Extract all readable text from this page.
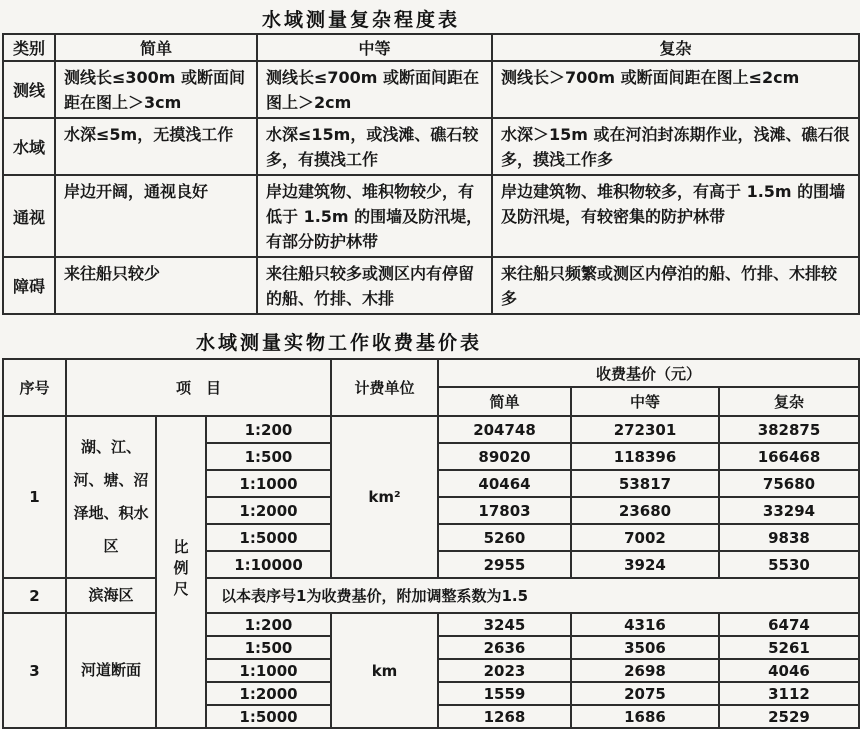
水域测量复杂程度表
类别	简单	中等	复杂
测线	测线长≤300m 或断面间距在图上＞3cm	测线长≤700m 或断面间距在图上＞2cm	测线长＞700m 或断面间距在图上≤2cm
水域	水深≤5m，无摸浅工作	水深≤15m，或浅滩、礁石较多，有摸浅工作	水深＞15m 或在河泊封冻期作业，浅滩、礁石很多，摸浅工作多
通视	岸边开阔，通视良好	岸边建筑物、堆积物较少，有低于 1.5m 的围墙及防汛堤，有部分防护林带	岸边建筑物、堆积物较多，有高于 1.5m 的围墙及防汛堤，有较密集的防护林带
障碍	来往船只较少	来往船只较多或测区内有停留的船、竹排、木排	来往船只频繁或测区内停泊的船、竹排、木排较多
水域测量实物工作收费基价表
序号	项　目			计费单位	收费基价（元）		
					简单	中等	复杂
1	湖、江、河、塘、沼泽地、积水区	比例尺	1:200	km²	204748	272301	382875
			1:500		89020	118396	166468
			1:1000		40464	53817	75680
			1:2000		17803	23680	33294
			1:5000		5260	7002	9838
			1:10000		2955	3924	5530
2	滨海区		以本表序号1为收费基价，附加调整系数为1.5				
3	河道断面		1:200	km	3245	4316	6474
			1:500		2636	3506	5261
			1:1000		2023	2698	4046
			1:2000		1559	2075	3112
			1:5000		1268	1686	2529
